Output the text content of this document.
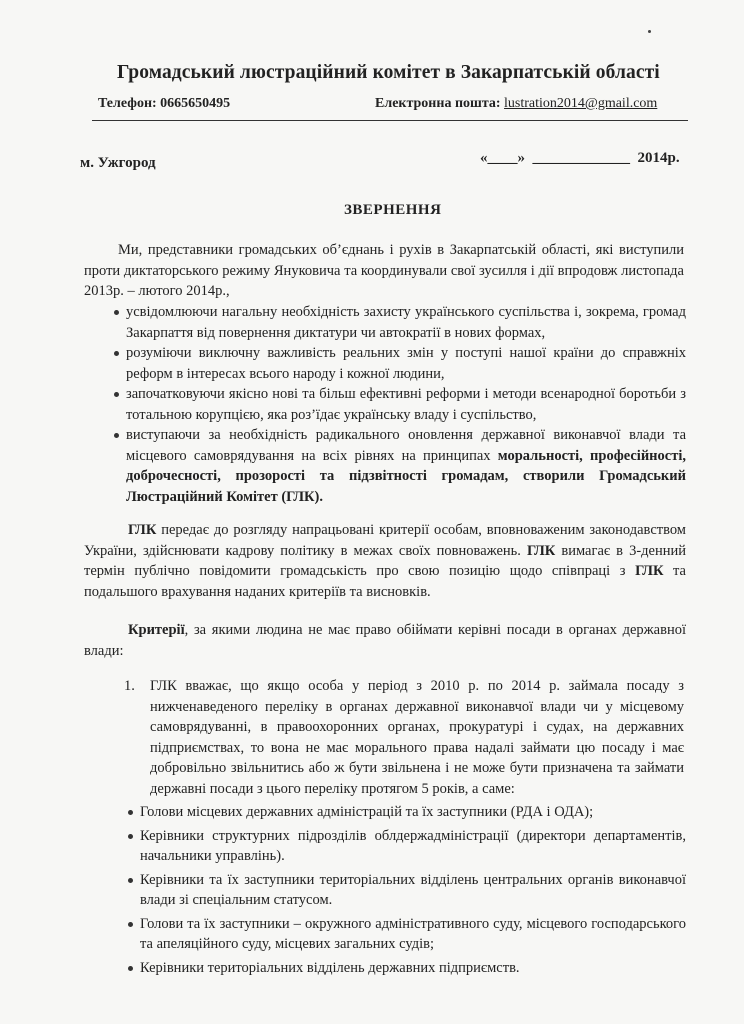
Громадський люстраційний комітет в Закарпатській області
Телефон: 0665650495	Електронна пошта: lustration2014@gmail.com
м. Ужгород	«____»  _____________  2014р.
ЗВЕРНЕННЯ

Ми, представники громадських об’єднань і рухів в Закарпатській області, які виступили проти диктаторського режиму Януковича та координували свої зусилля і дії впродовж листопада 2013р. – лютого 2014р.,

усвідомлюючи нагальну необхідність захисту українського суспільства і, зокрема, громад Закарпаття від повернення диктатури чи автократії в нових формах,
розуміючи виключну важливість реальних змін у поступі нашої країни до справжніх реформ в інтересах всього народу і кожної людини,
започатковуючи якісно нові та більш ефективні реформи і методи всенародної боротьби з тотальною корупцією, яка роз’їдає українську владу і суспільство,
виступаючи за необхідність радикального оновлення державної виконавчої влади та місцевого самоврядування на всіх рівнях на принципах моральності, професійності, доброчесності, прозорості та підзвітності громадам, створили Громадський Люстраційний Комітет (ГЛК).

ГЛК передає до розгляду напрацьовані критерії особам, вповноваженим законодавством України, здійснювати кадрову політику в межах своїх повноважень. ГЛК вимагає в 3-денний термін публічно повідомити громадськість про свою позицію щодо співпраці з ГЛК та подальшого врахування наданих критеріїв та висновків.

Критерії, за якими людина не має право обіймати керівні посади в органах державної влади:

1. ГЛК вважає, що якщо особа у період з 2010 р. по 2014 р. займала посаду з нижченаведеного переліку в органах державної виконавчої влади чи у місцевому самоврядуванні, в правоохоронних органах, прокуратурі і судах, на державних підприємствах, то вона не має морального права надалі займати цю посаду і має добровільно звільнитись або ж бути звільнена і не може бути призначена та займати державні посади з цього переліку протягом 5 років, а саме:
Голови місцевих державних адміністрацій та їх заступники (РДА і ОДА);
Керівники структурних підрозділів облдержадміністрації (директори департаментів, начальники управлінь).
Керівники та їх заступники територіальних відділень центральних органів виконавчої влади зі спеціальним статусом.
Голови та їх заступники – окружного адміністративного суду, місцевого господарського та апеляційного суду, місцевих загальних судів;
Керівники територіальних відділень державних підприємств.
